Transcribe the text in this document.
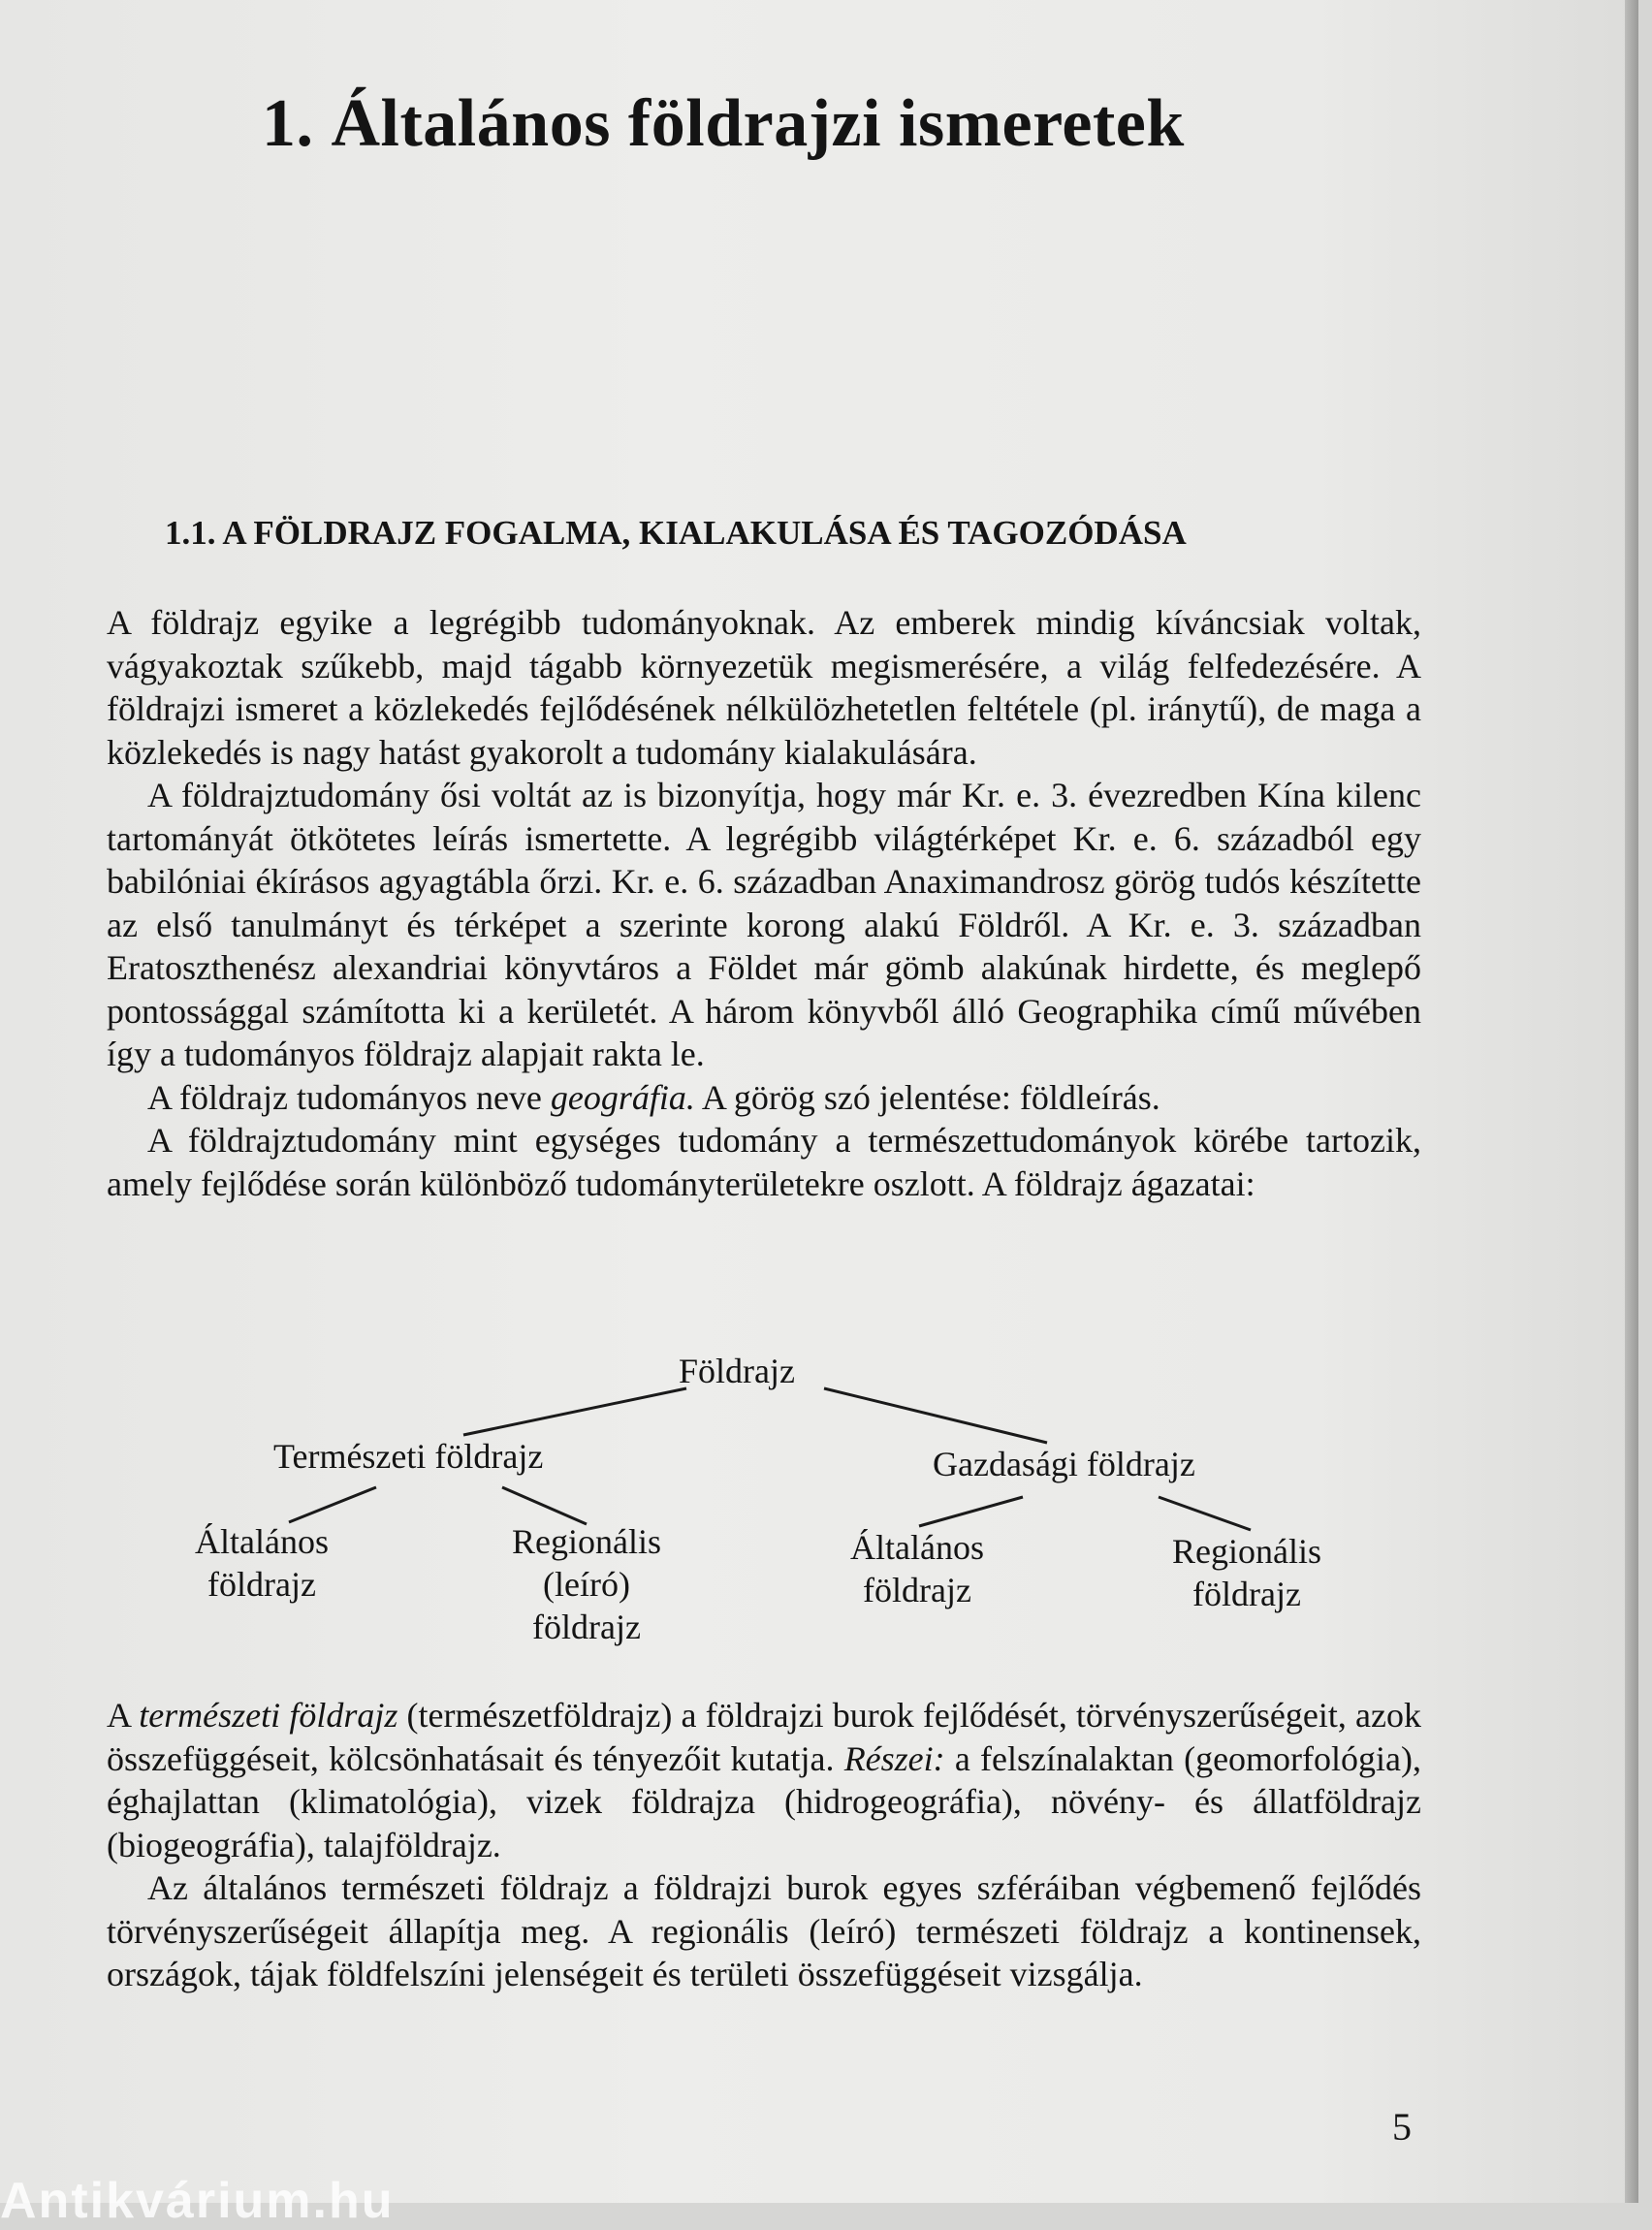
1. Általános földrajzi ismeretek
1.1. A FÖLDRAJZ FOGALMA, KIALAKULÁSA ÉS TAGOZÓDÁSA

A földrajz egyike a legrégibb tudományoknak. Az emberek mindig kíváncsiak voltak, vágyakoztak szűkebb, majd tágabb környezetük megismerésére, a világ felfedezésére. A földrajzi ismeret a közlekedés fejlődésének nélkülözhetetlen feltétele (pl. iránytű), de maga a közlekedés is nagy hatást gyakorolt a tudomány kialakulására.

A földrajztudomány ősi voltát az is bizonyítja, hogy már Kr. e. 3. évezredben Kína kilenc tartományát ötkötetes leírás ismertette. A legrégibb világtérképet Kr. e. 6. századból egy babilóniai ékírásos agyagtábla őrzi. Kr. e. 6. században Anaximandrosz görög tudós készítette az első tanulmányt és térképet a szerinte korong alakú Földről. A Kr. e. 3. században Eratoszthenész alexandriai könyvtáros a Földet már gömb alakúnak hirdette, és meglepő pontossággal számította ki a kerületét. A három könyvből álló Geographika című művében így a tudományos földrajz alapjait rakta le.

A földrajz tudományos neve geográfia. A görög szó jelentése: földleírás.

A földrajztudomány mint egységes tudomány a természettudományok körébe tartozik, amely fejlődése során különböző tudományterületekre oszlott. A földrajz ágazatai:

Földrajz
Természeti földrajz	Gazdasági földrajz
Általános
földrajz
Regionális
(leíró)
földrajz
Általános
földrajz
Regionális
földrajz

A természeti földrajz (természetföldrajz) a földrajzi burok fejlődését, törvényszerűségeit, azok összefüggéseit, kölcsönhatásait és tényezőit kutatja. Részei: a felszínalaktan (geomorfológia), éghajlattan (klimatológia), vizek földrajza (hidrogeográfia), növény- és állatföldrajz (biogeográfia), talajföldrajz.

Az általános természeti földrajz a földrajzi burok egyes szféráiban végbemenő fejlődés törvényszerűségeit állapítja meg. A regionális (leíró) természeti földrajz a kontinensek, országok, tájak földfelszíni jelenségeit és területi összefüggéseit vizsgálja.

5
Antikvárium.hu
